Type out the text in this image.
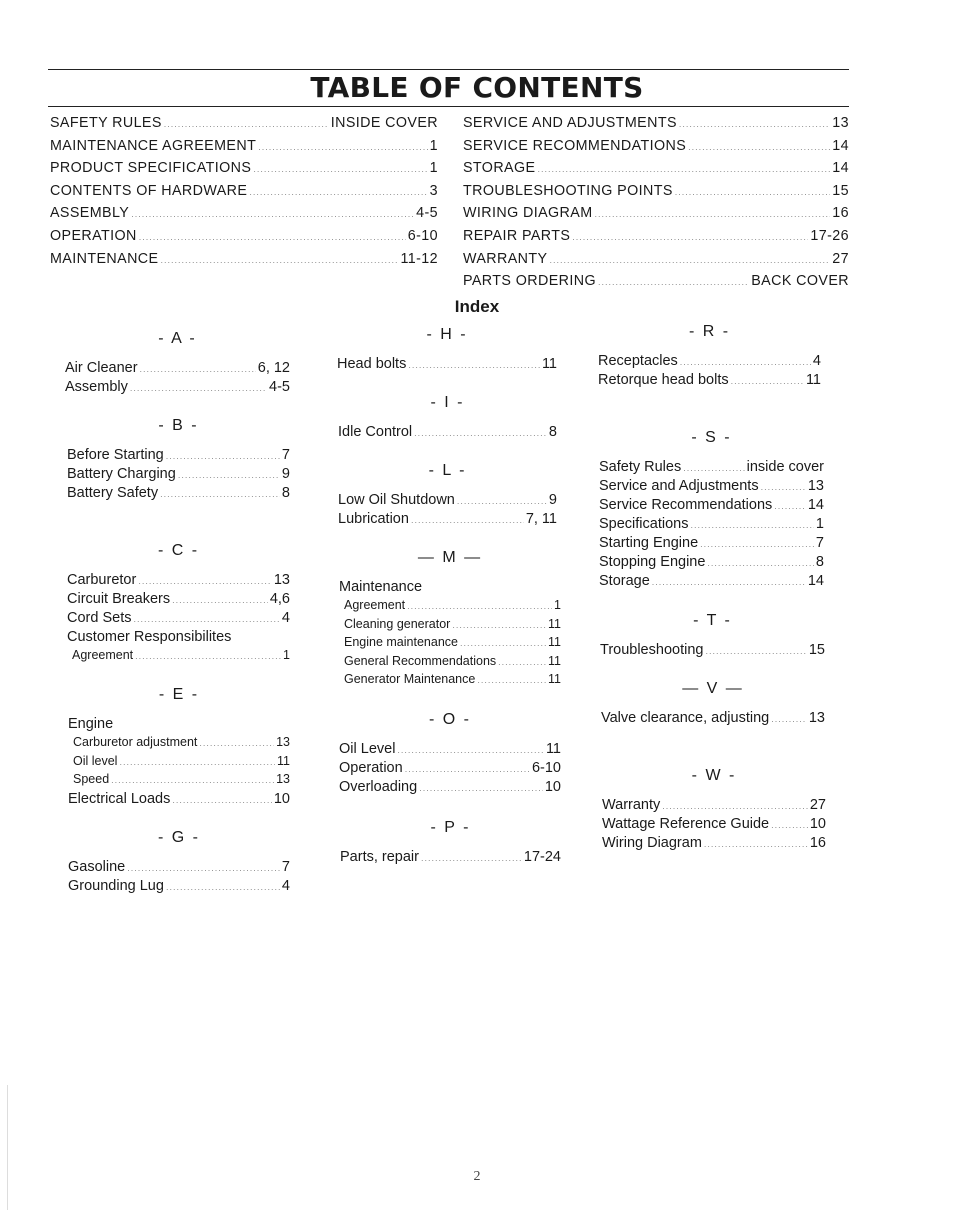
TABLE OF CONTENTS
SAFETY RULES .....	INSIDE COVER
MAINTENANCE AGREEMENT .....	1
PRODUCT SPECIFICATIONS .....	1
CONTENTS OF HARDWARE .....	3
ASSEMBLY .....	4-5
OPERATION .....	6-10
MAINTENANCE .....	11-12
SERVICE AND ADJUSTMENTS .....	13
SERVICE RECOMMENDATIONS .....	14
STORAGE .....	14
TROUBLESHOOTING POINTS .....	15
WIRING DIAGRAM .....	16
REPAIR PARTS .....	17-26
WARRANTY .....	27
PARTS ORDERING .....	BACK COVER
Index
- A -
Air Cleaner .....	6, 12
Assembly .....	4-5
- B -
Before Starting .....	7
Battery Charging .....	9
Battery Safety .....	8
- C -
Carburetor .....	13
Circuit Breakers .....	4,6
Cord Sets .....	4
Customer Responsibilites
Agreement .....	1
- E -
Engine
Carburetor adjustment .....	13
Oil level .....	11
Speed .....	13
Electrical Loads .....	10
- G -
Gasoline .....	7
Grounding Lug .....	4
- H -
Head bolts .....	11
- I -
Idle Control .....	8
- L -
Low Oil Shutdown .....	9
Lubrication .....	7, 11
— M —
Maintenance
Agreement .....	1
Cleaning generator .....	11
Engine maintenance .....	11
General Recommendations .....	11
Generator Maintenance .....	11
- O -
Oil Level .....	11
Operation .....	6-10
Overloading .....	10
- P -
Parts, repair .....	17-24
- R -
Receptacles .....	4
Retorque head bolts .....	11
- S -
Safety Rules .....	inside cover
Service and Adjustments .....	13
Service Recommendations ..... 14
Specifications .....	1
Starting Engine .....	7
Stopping Engine .....	8
Storage .....	14
- T -
Troubleshooting .....	15
— V —
Valve clearance, adjusting .....	13
- W -
Warranty .....	27
Wattage Reference Guide .....	10
Wiring Diagram .....	16
2
